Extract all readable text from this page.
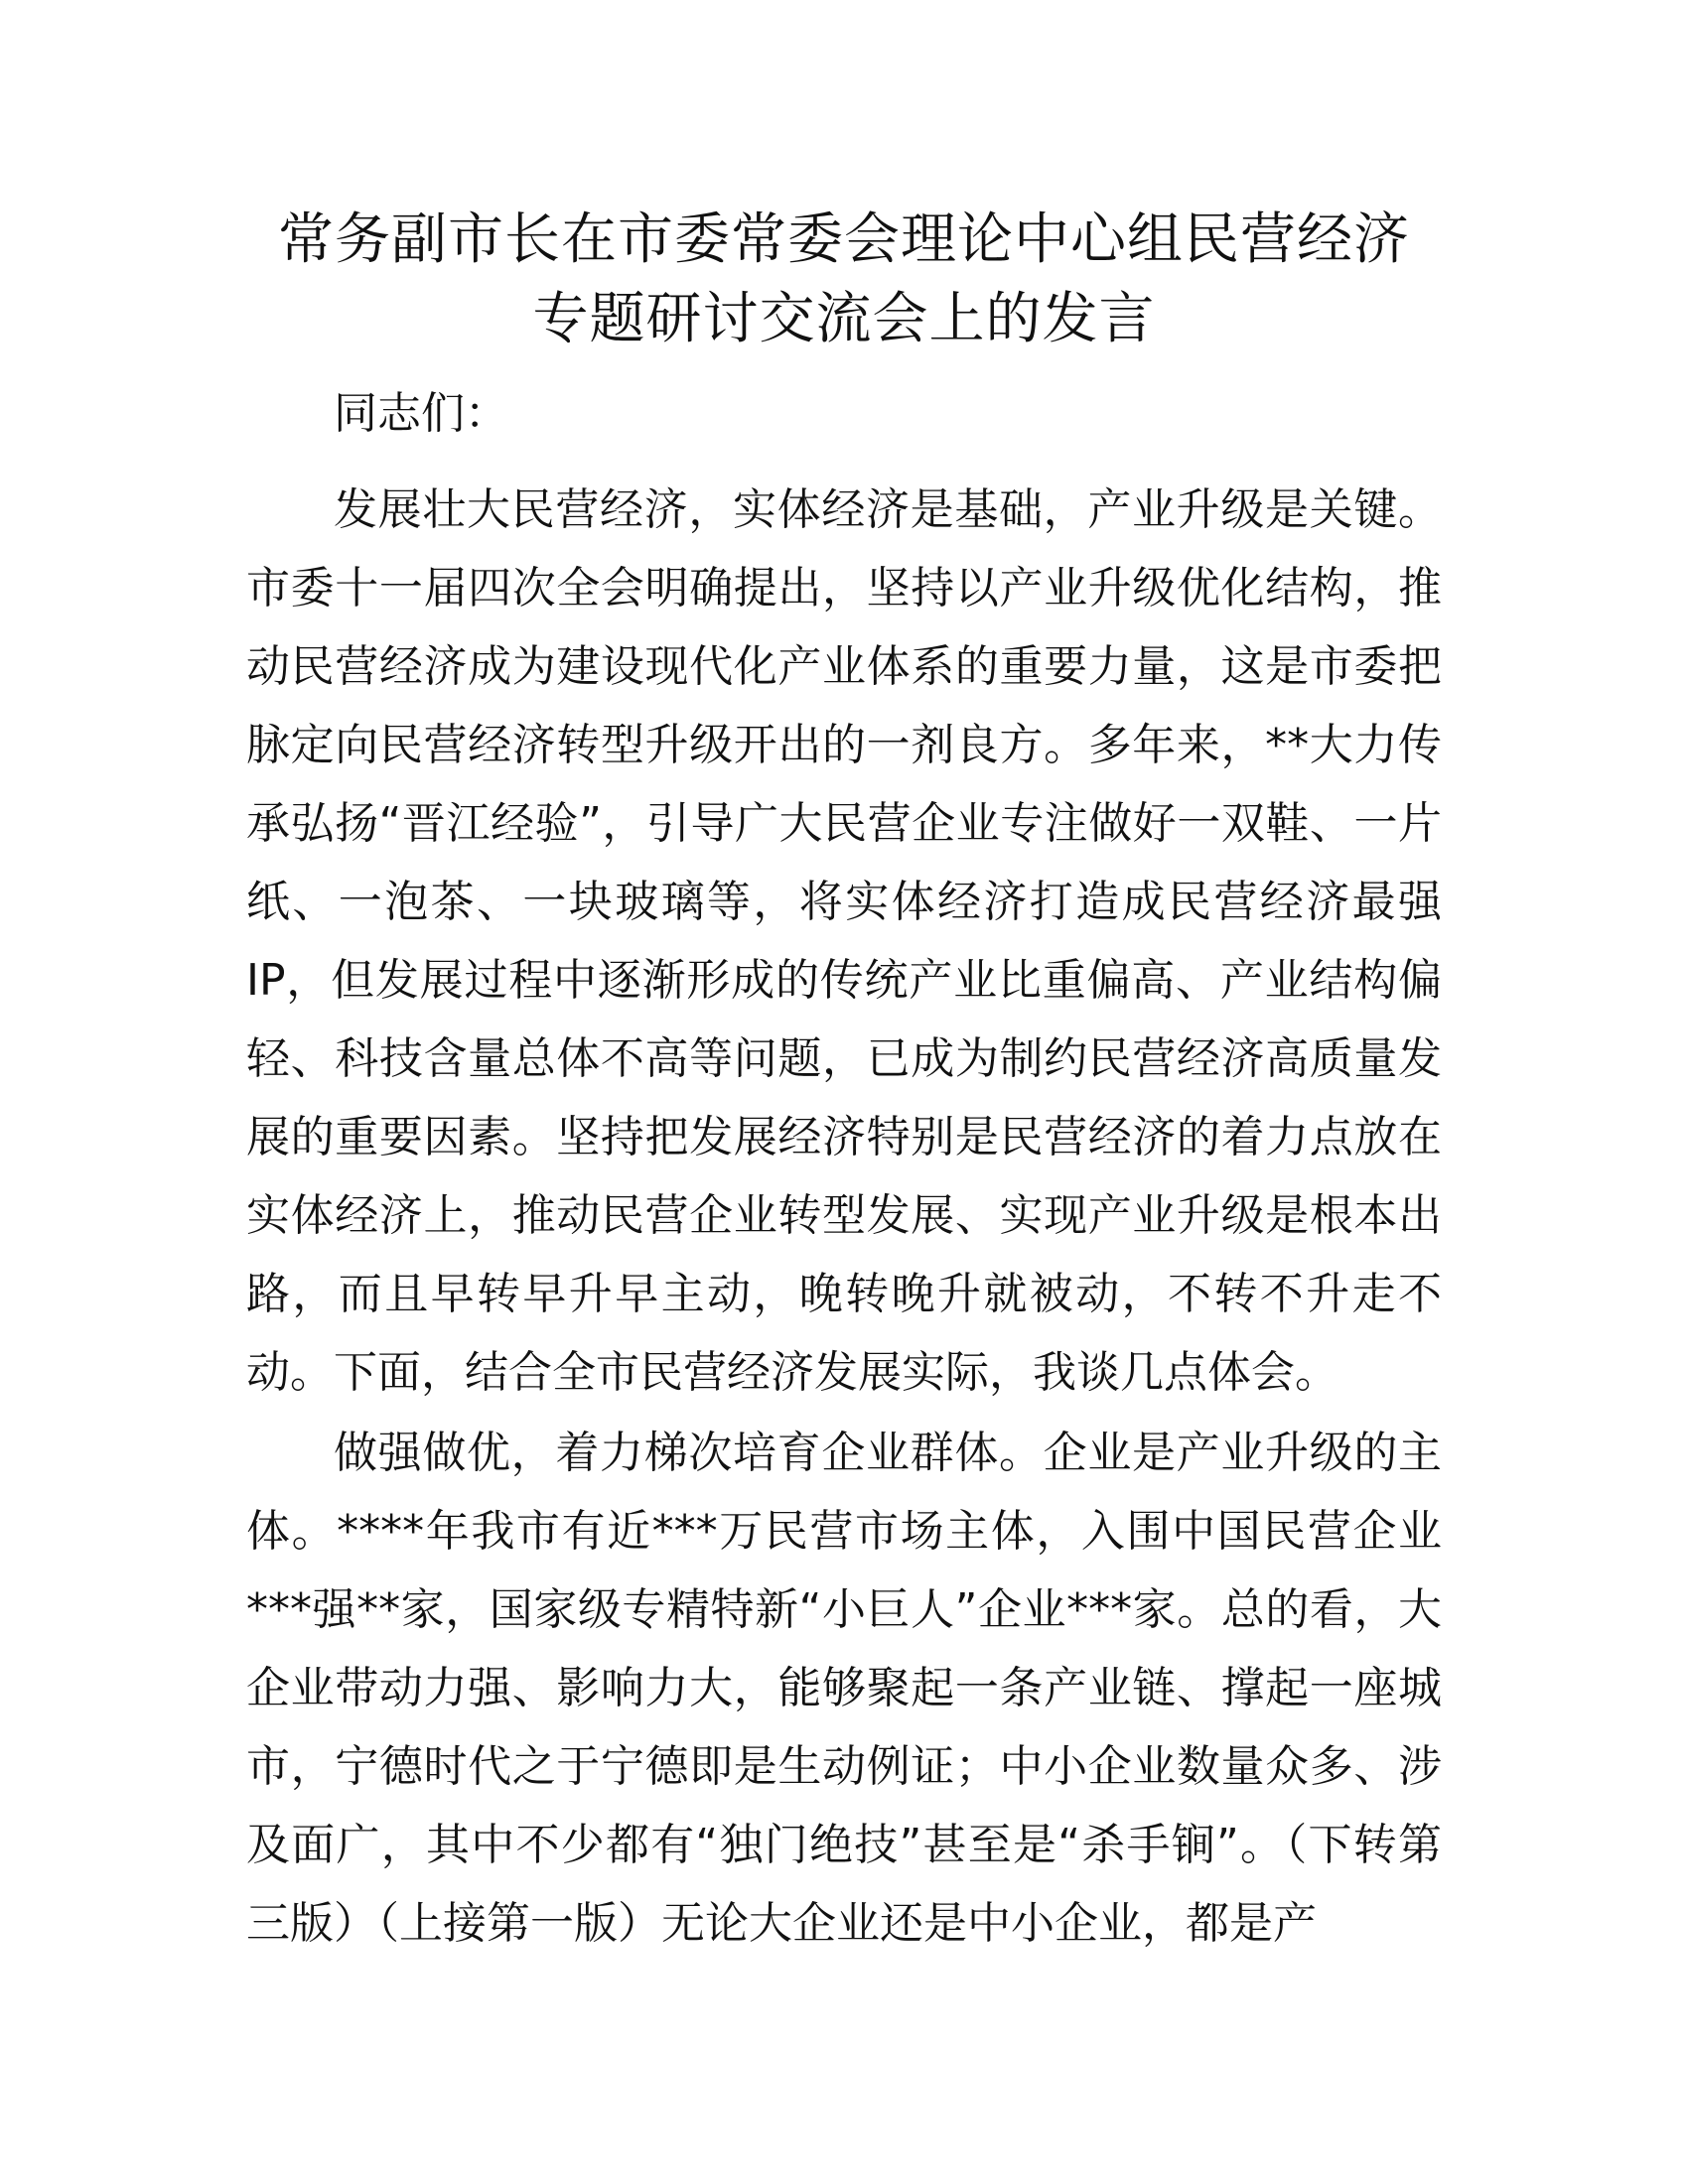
常务副市长在市委常委会理论中心组民营经济
专题研讨交流会上的发言

同志们：

发展壮大民营经济，实体经济是基础，产业升级是关键。市委十一届四次全会明确提出，坚持以产业升级优化结构，推动民营经济成为建设现代化产业体系的重要力量，这是市委把脉定向民营经济转型升级开出的一剂良方。多年来，**大力传承弘扬“晋江经验”，引导广大民营企业专注做好一双鞋、一片纸、一泡茶、一块玻璃等，将实体经济打造成民营经济最强IP，但发展过程中逐渐形成的传统产业比重偏高、产业结构偏轻、科技含量总体不高等问题，已成为制约民营经济高质量发展的重要因素。坚持把发展经济特别是民营经济的着力点放在实体经济上，推动民营企业转型发展、实现产业升级是根本出路，而且早转早升早主动，晚转晚升就被动，不转不升走不动。下面，结合全市民营经济发展实际，我谈几点体会。

做强做优，着力梯次培育企业群体。企业是产业升级的主体。****年我市有近***万民营市场主体，入围中国民营企业***强**家，国家级专精特新“小巨人”企业***家。总的看，大企业带动力强、影响力大，能够聚起一条产业链、撑起一座城市，宁德时代之于宁德即是生动例证；中小企业数量众多、涉及面广，其中不少都有“独门绝技”甚至是“杀手锏”。（下转第三版）（上接第一版）无论大企业还是中小企业，都是产
